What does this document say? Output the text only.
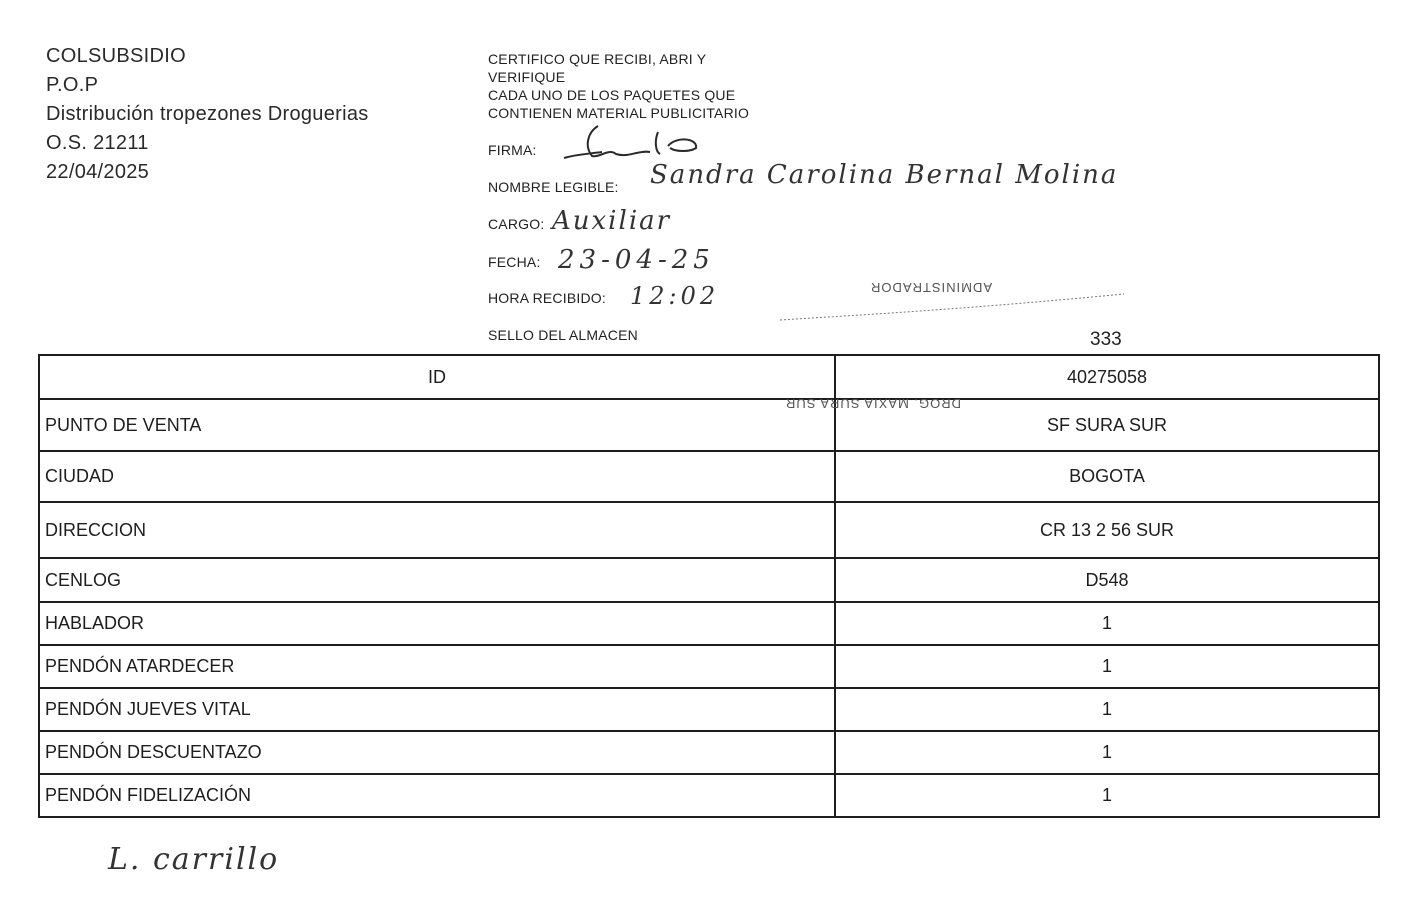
COLSUBSIDIO
P.O.P
Distribución tropezones Droguerias
O.S. 21211
22/04/2025
CERTIFICO QUE RECIBI, ABRI Y
VERIFIQUE
CADA UNO DE LOS PAQUETES QUE
CONTIENEN MATERIAL PUBLICITARIO
FIRMA:
NOMBRE LEGIBLE: Sandra Carolina Bernal Molina
CARGO: Auxiliar
FECHA: 23-04-25
HORA RECIBIDO: 12:02	ADMINISTRADOR
SELLO DEL ALMACEN	333
ID	40275058
PUNTO DE VENTA	SF SURA SUR
CIUDAD	BOGOTA
DIRECCION	CR 13 2 56 SUR
CENLOG	D548
HABLADOR	1
PENDÓN ATARDECER	1
PENDÓN JUEVES VITAL	1
PENDÓN DESCUENTAZO	1
PENDÓN FIDELIZACIÓN	1
DROG. MAXIA SURA SUR
L. carrillo
